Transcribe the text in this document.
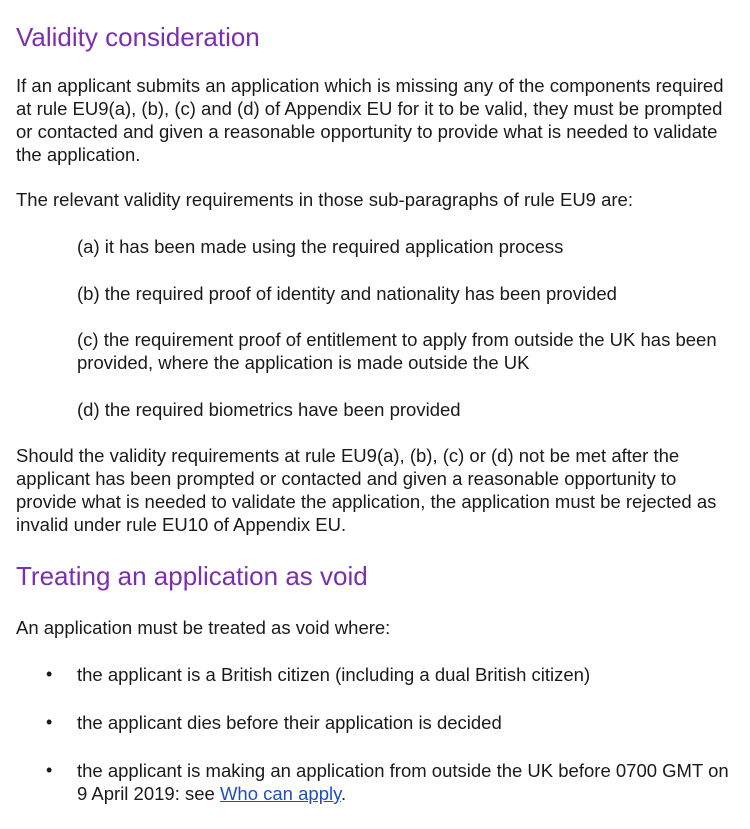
Validity consideration

If an applicant submits an application which is missing any of the components required at rule EU9(a), (b), (c) and (d) of Appendix EU for it to be valid, they must be prompted or contacted and given a reasonable opportunity to provide what is needed to validate the application.

The relevant validity requirements in those sub-paragraphs of rule EU9 are:

(a) it has been made using the required application process

(b) the required proof of identity and nationality has been provided

(c) the requirement proof of entitlement to apply from outside the UK has been provided, where the application is made outside the UK

(d) the required biometrics have been provided

Should the validity requirements at rule EU9(a), (b), (c) or (d) not be met after the applicant has been prompted or contacted and given a reasonable opportunity to provide what is needed to validate the application, the application must be rejected as invalid under rule EU10 of Appendix EU.

Treating an application as void

An application must be treated as void where:

• the applicant is a British citizen (including a dual British citizen)
• the applicant dies before their application is decided
• the applicant is making an application from outside the UK before 0700 GMT on 9 April 2019: see Who can apply.
